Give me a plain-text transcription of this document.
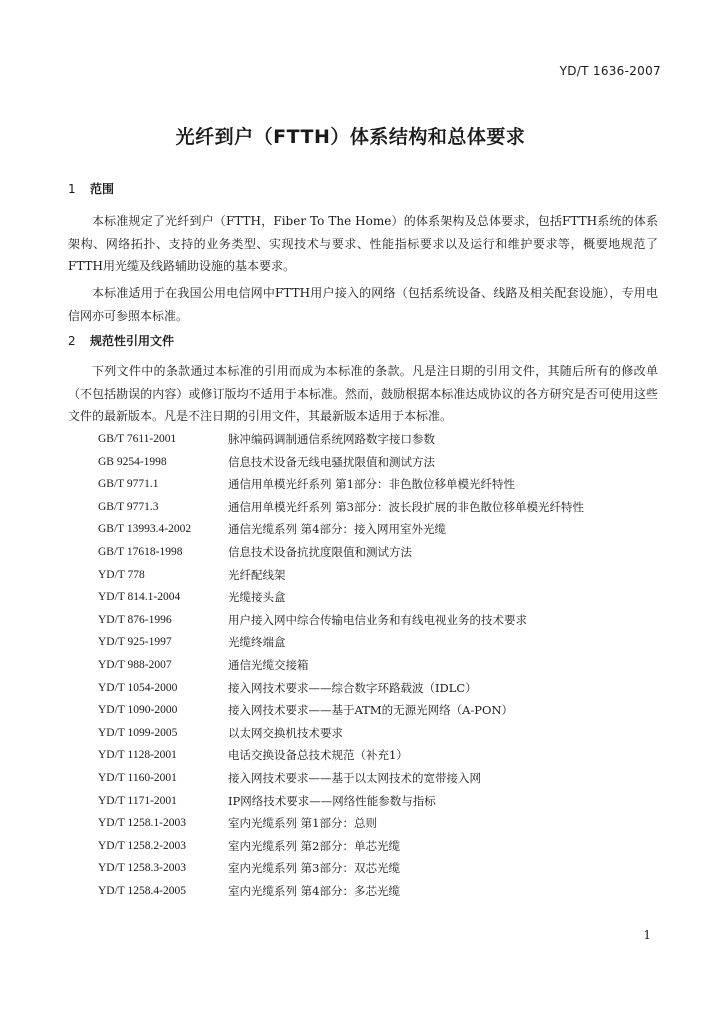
YD/T 1636-2007
光纤到户（FTTH）体系结构和总体要求
1 范围
本标准规定了光纤到户（FTTH，Fiber To The Home）的体系架构及总体要求，包括FTTH系统的体系架构、网络拓扑、支持的业务类型、实现技术与要求、性能指标要求以及运行和维护要求等，概要地规范了FTTH用光缆及线路辅助设施的基本要求。
本标准适用于在我国公用电信网中FTTH用户接入的网络（包括系统设备、线路及相关配套设施），专用电信网亦可参照本标准。
2 规范性引用文件
下列文件中的条款通过本标准的引用而成为本标准的条款。凡是注日期的引用文件，其随后所有的修改单（不包括勘误的内容）或修订版均不适用于本标准。然而，鼓励根据本标准达成协议的各方研究是否可使用这些文件的最新版本。凡是不注日期的引用文件，其最新版本适用于本标准。
GB/T 7611-2001	脉冲编码调制通信系统网路数字接口参数
GB 9254-1998	信息技术设备无线电骚扰限值和测试方法
GB/T 9771.1	通信用单模光纤系列 第1部分：非色散位移单模光纤特性
GB/T 9771.3	通信用单模光纤系列 第3部分：波长段扩展的非色散位移单模光纤特性
GB/T 13993.4-2002	通信光缆系列 第4部分：接入网用室外光缆
GB/T 17618-1998	信息技术设备抗扰度限值和测试方法
YD/T 778	光纤配线架
YD/T 814.1-2004	光缆接头盒
YD/T 876-1996	用户接入网中综合传输电信业务和有线电视业务的技术要求
YD/T 925-1997	光缆终端盒
YD/T 988-2007	通信光缆交接箱
YD/T 1054-2000	接入网技术要求——综合数字环路载波（IDLC）
YD/T 1090-2000	接入网技术要求——基于ATM的无源光网络（A-PON）
YD/T 1099-2005	以太网交换机技术要求
YD/T 1128-2001	电话交换设备总技术规范（补充1）
YD/T 1160-2001	接入网技术要求——基于以太网技术的宽带接入网
YD/T 1171-2001	IP网络技术要求——网络性能参数与指标
YD/T 1258.1-2003	室内光缆系列 第1部分：总则
YD/T 1258.2-2003	室内光缆系列 第2部分：单芯光缆
YD/T 1258.3-2003	室内光缆系列 第3部分：双芯光缆
YD/T 1258.4-2005	室内光缆系列 第4部分：多芯光缆
1
